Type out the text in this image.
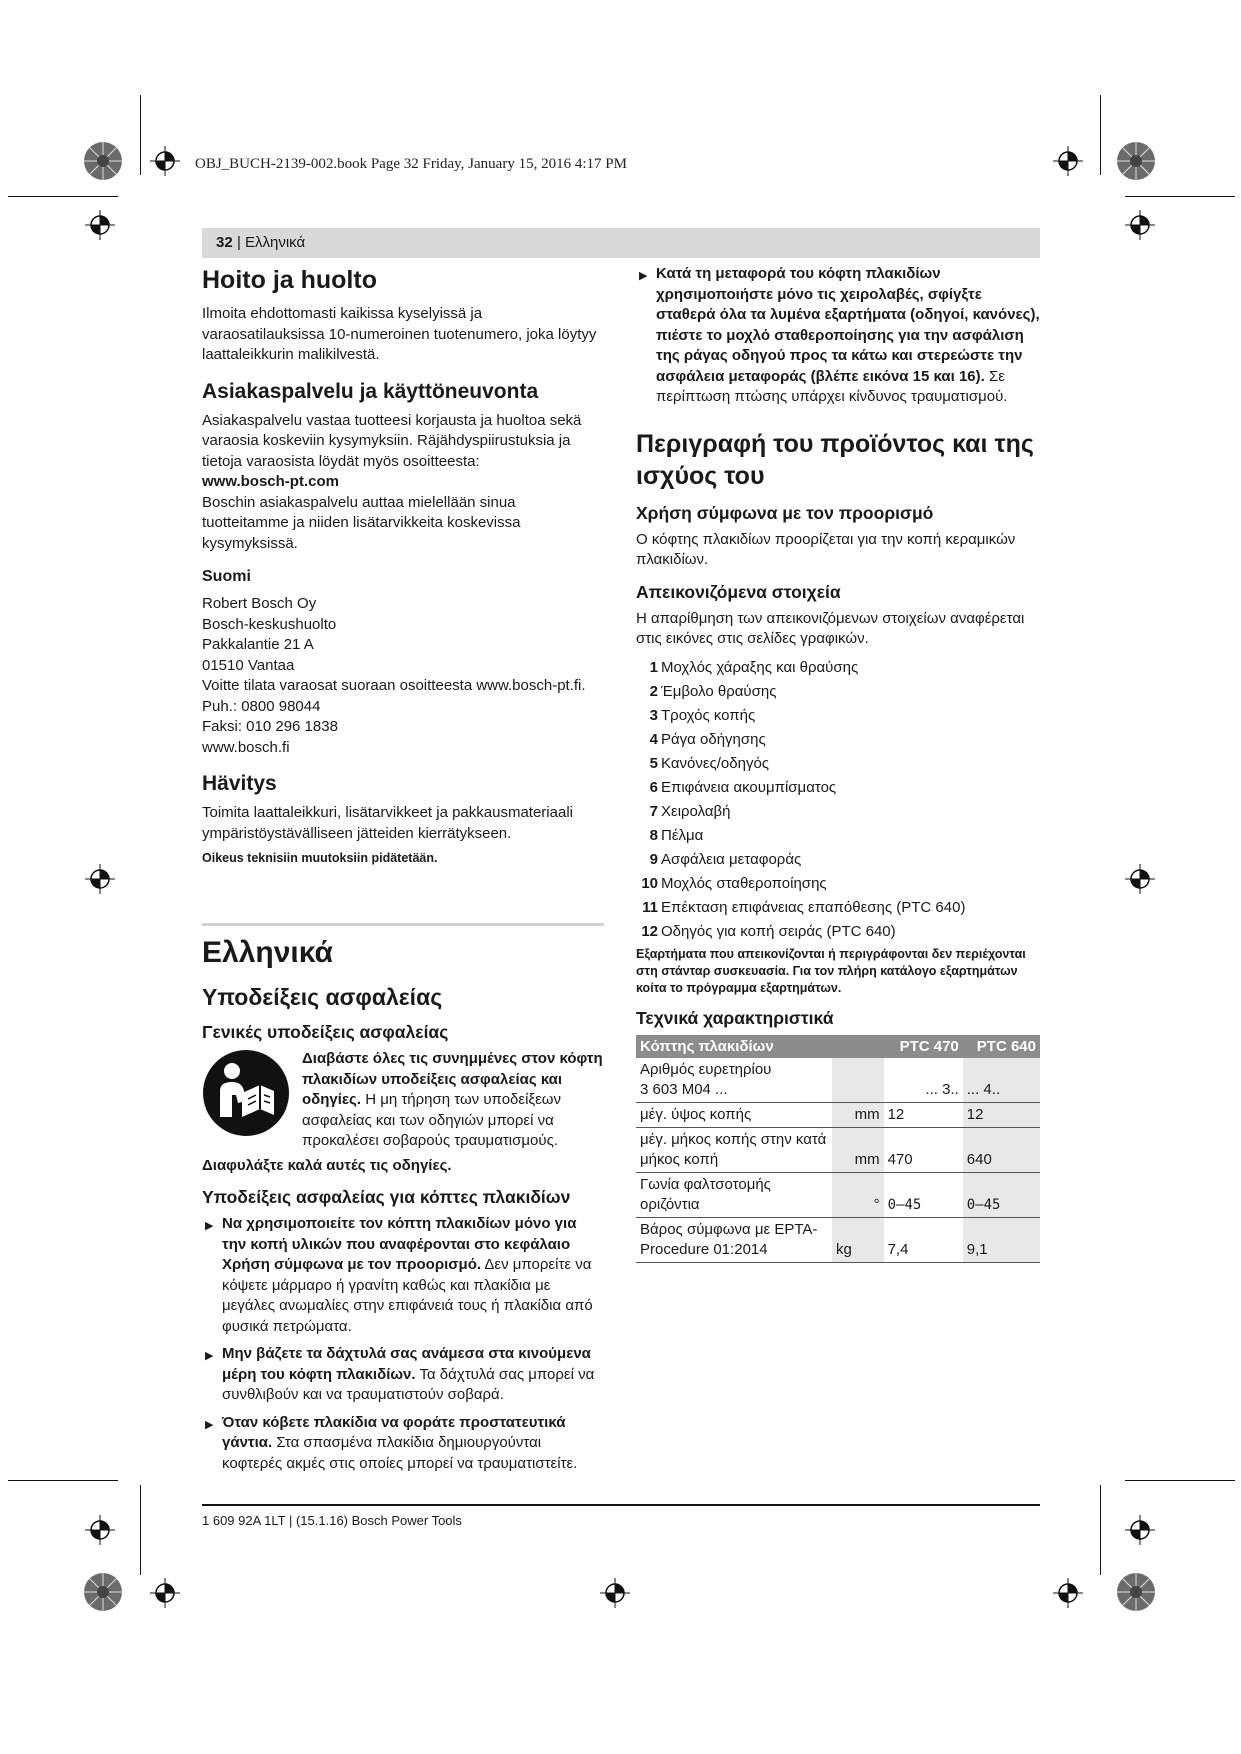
OBJ_BUCH-2139-002.book Page 32 Friday, January 15, 2016 4:17 PM
32 | Ελληνικά
Hoito ja huolto

Ilmoita ehdottomasti kaikissa kyselyissä ja varaosatilauksissa 10-numeroinen tuotenumero, joka löytyy laattaleikkurin malikilvestä.

Asiakaspalvelu ja käyttöneuvonta

Asiakaspalvelu vastaa tuotteesi korjausta ja huoltoa sekä varaosia koskeviin kysymyksiin. Räjähdyspiirustuksia ja tietoja varaosista löydät myös osoitteesta:
www.bosch-pt.com
Boschin asiakaspalvelu auttaa mielellään sinua tuotteitamme ja niiden lisätarvikkeita koskevissa kysymyksissä.

Suomi
Robert Bosch Oy
Bosch-keskushuolto
Pakkalantie 21 A
01510 Vantaa
Voitte tilata varaosat suoraan osoitteesta www.bosch-pt.fi.
Puh.: 0800 98044
Faksi: 010 296 1838
www.bosch.fi
Hävitys

Toimita laattaleikkuri, lisätarvikkeet ja pakkausmateriaali ympäristöystävälliseen jätteiden kierrätykseen.

Oikeus teknisiin muutoksiin pidätetään.

Ελληνικά
Υποδείξεις ασφαλείας
Γενικές υποδείξεις ασφαλείας
Διαβάστε όλες τις συνημμένες στον κόφτη πλακιδίων υποδείξεις ασφαλείας και οδηγίες. Η μη τήρηση των υποδείξεων ασφαλείας και των οδηγιών μπορεί να προκαλέσει σοβαρούς τραυματισμούς.

Διαφυλάξτε καλά αυτές τις οδηγίες.

Υποδείξεις ασφαλείας για κόπτες πλακιδίων
▶ Να χρησιμοποιείτε τον κόπτη πλακιδίων μόνο για την κοπή υλικών που αναφέρονται στο κεφάλαιο Χρήση σύμφωνα με τον προορισμό. Δεν μπορείτε να κόψετε μάρμαρο ή γρανίτη καθώς και πλακίδια με μεγάλες ανωμαλίες στην επιφάνειά τους ή πλακίδια από φυσικά πετρώματα.
▶ Μην βάζετε τα δάχτυλά σας ανάμεσα στα κινούμενα μέρη του κόφτη πλακιδίων. Τα δάχτυλά σας μπορεί να συνθλιβούν και να τραυματιστούν σοβαρά.
▶ Όταν κόβετε πλακίδια να φοράτε προστατευτικά γάντια. Στα σπασμένα πλακίδια δημιουργούνται κοφτερές ακμές στις οποίες μπορεί να τραυματιστείτε.
▶ Κατά τη μεταφορά του κόφτη πλακιδίων χρησιμοποιήστε μόνο τις χειρολαβές, σφίγξτε σταθερά όλα τα λυμένα εξαρτήματα (οδηγοί, κανόνες), πιέστε το μοχλό σταθεροποίησης για την ασφάλιση της ράγας οδηγού προς τα κάτω και στερεώστε την ασφάλεια μεταφοράς (βλέπε εικόνα 15 και 16). Σε περίπτωση πτώσης υπάρχει κίνδυνος τραυματισμού.
Περιγραφή του προϊόντος και της ισχύος του
Χρήση σύμφωνα με τον προορισμό

Ο κόφτης πλακιδίων προορίζεται για την κοπή κεραμικών πλακιδίων.

Απεικονιζόμενα στοιχεία

Η απαρίθμηση των απεικονιζόμενων στοιχείων αναφέρεται στις εικόνες στις σελίδες γραφικών.

1 Μοχλός χάραξης και θραύσης
2 Έμβολο θραύσης
3 Τροχός κοπής
4 Ράγα οδήγησης
5 Κανόνες/οδηγός
6 Επιφάνεια ακουμπίσματος
7 Χειρολαβή
8 Πέλμα
9 Ασφάλεια μεταφοράς
10 Μοχλός σταθεροποίησης
11 Επέκταση επιφάνειας επαπόθεσης (PTC 640)
12 Οδηγός για κοπή σειράς (PTC 640)

Εξαρτήματα που απεικονίζονται ή περιγράφονται δεν περιέχονται στη στάνταρ συσκευασία. Για τον πλήρη κατάλογο εξαρτημάτων κοίτα το πρόγραμμα εξαρτημάτων.

Τεχνικά χαρακτηριστικά
Κόπτης πλακιδίων		PTC 470	PTC 640

Αριθμός ευρετηρίου
3 603 M04 ...		... 3..	... 4..

μέγ. ύψος κοπής	mm	12	12

μέγ. μήκος κοπής στην κατά
μήκος κοπή	mm	470	640

Γωνία φαλτσοτομής
οριζόντια	°	0–45	0–45

Βάρος σύμφωνα με EPTA-
Procedure 01:2014	kg	7,4	9,1
1 609 92A 1LT | (15.1.16) Bosch Power Tools
